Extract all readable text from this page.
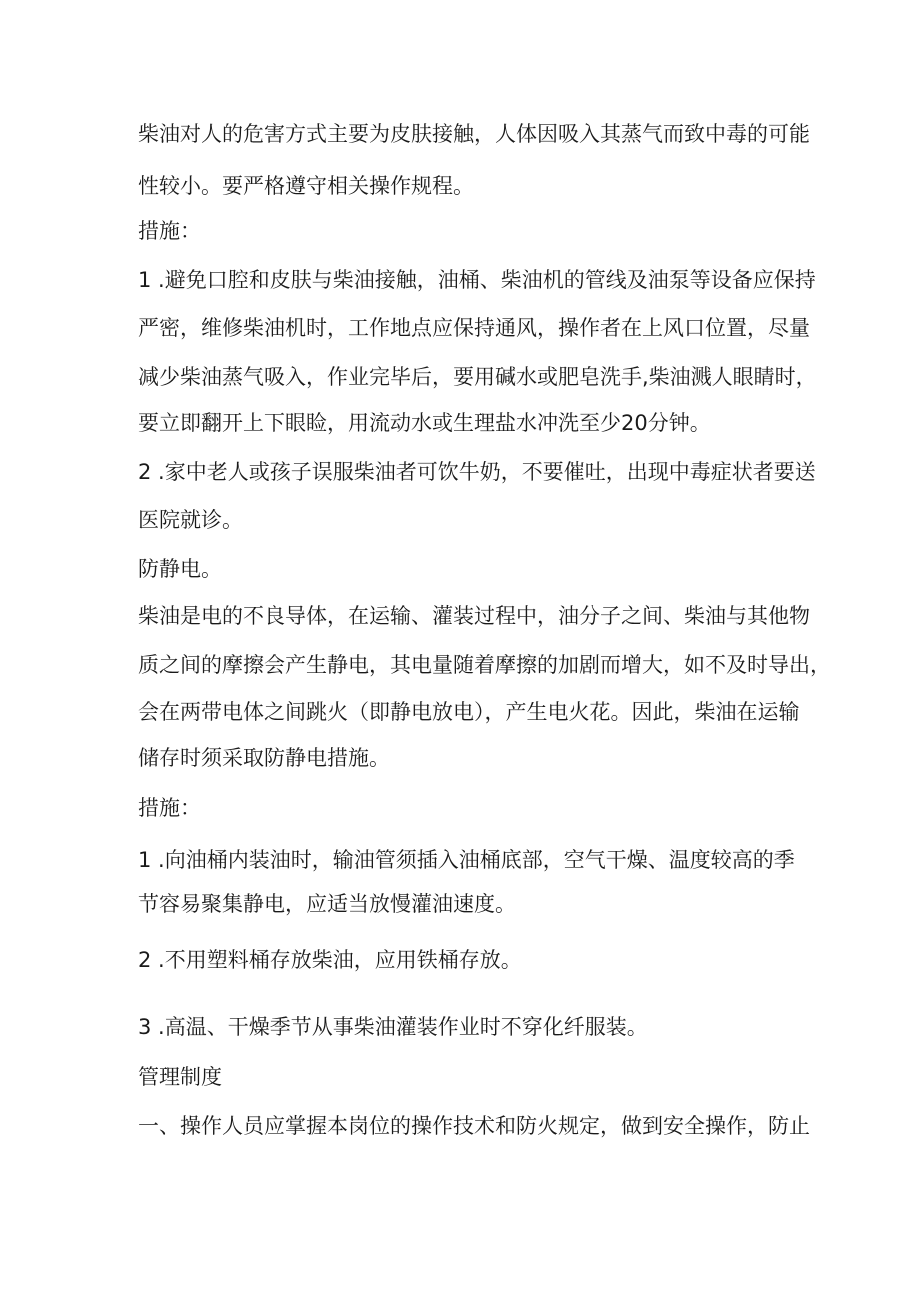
柴油对人的危害方式主要为皮肤接触，人体因吸入其蒸气而致中毒的可能
性较小。要严格遵守相关操作规程。
措施：
1 .避免口腔和皮肤与柴油接触，油桶、柴油机的管线及油泵等设备应保持
严密，维修柴油机时，工作地点应保持通风，操作者在上风口位置，尽量
减少柴油蒸气吸入，作业完毕后，要用碱水或肥皂洗手,柴油溅人眼睛时，
要立即翻开上下眼睑，用流动水或生理盐水冲洗至少20分钟。
2 .家中老人或孩子误服柴油者可饮牛奶，不要催吐，出现中毒症状者要送
医院就诊。
防静电。
柴油是电的不良导体，在运输、灌装过程中，油分子之间、柴油与其他物
质之间的摩擦会产生静电，其电量随着摩擦的加剧而增大，如不及时导出，
会在两带电体之间跳火（即静电放电），产生电火花。因此，柴油在运输
储存时须采取防静电措施。
措施：
1 .向油桶内装油时，输油管须插入油桶底部，空气干燥、温度较高的季
节容易聚集静电，应适当放慢灌油速度。
2 .不用塑料桶存放柴油，应用铁桶存放。
3 .高温、干燥季节从事柴油灌装作业时不穿化纤服装。
管理制度
一、操作人员应掌握本岗位的操作技术和防火规定，做到安全操作，防止
